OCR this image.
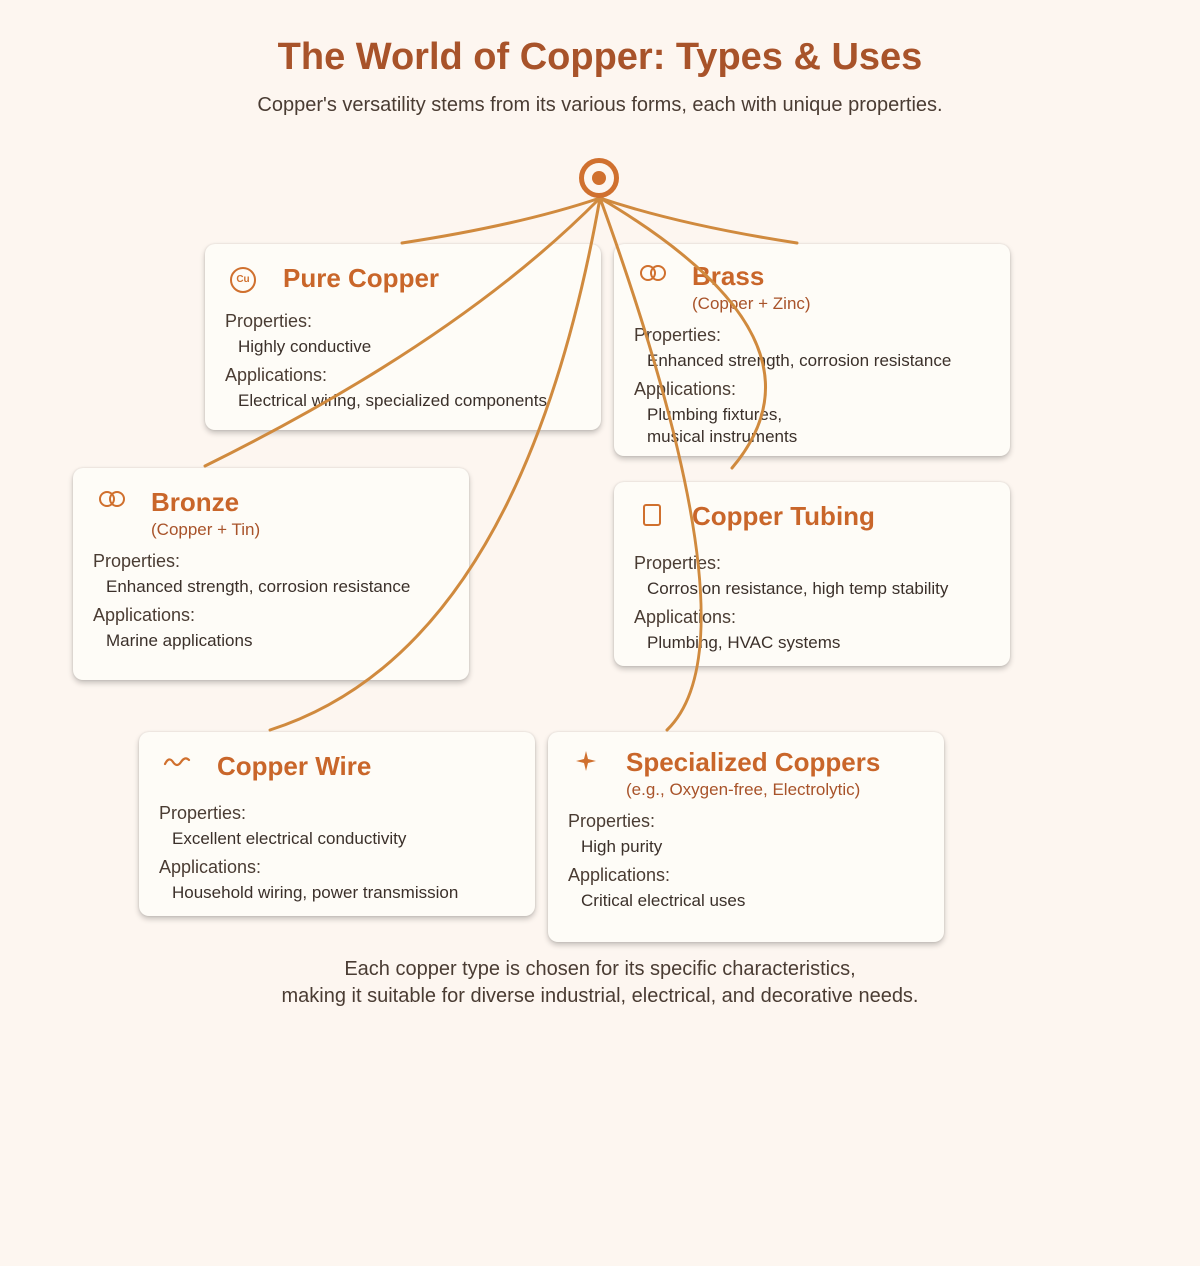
The World of Copper: Types & Uses

Copper's versatility stems from its various forms, each with unique properties.

Cu	Pure Copper
Properties:
Highly conductive
Applications:
Electrical wiring, specialized components
Brass
(Copper + Zinc)
Properties:
Enhanced strength, corrosion resistance
Applications:
Plumbing fixtures,
musical instruments
Bronze
(Copper + Tin)
Properties:
Enhanced strength, corrosion resistance
Applications:
Marine applications
Copper Tubing
Properties:
Corrosion resistance, high temp stability
Applications:
Plumbing, HVAC systems
Copper Wire
Properties:
Excellent electrical conductivity
Applications:
Household wiring, power transmission
Specialized Coppers
(e.g., Oxygen-free, Electrolytic)
Properties:
High purity
Applications:
Critical electrical uses
Each copper type is chosen for its specific characteristics,
making it suitable for diverse industrial, electrical, and decorative needs.
